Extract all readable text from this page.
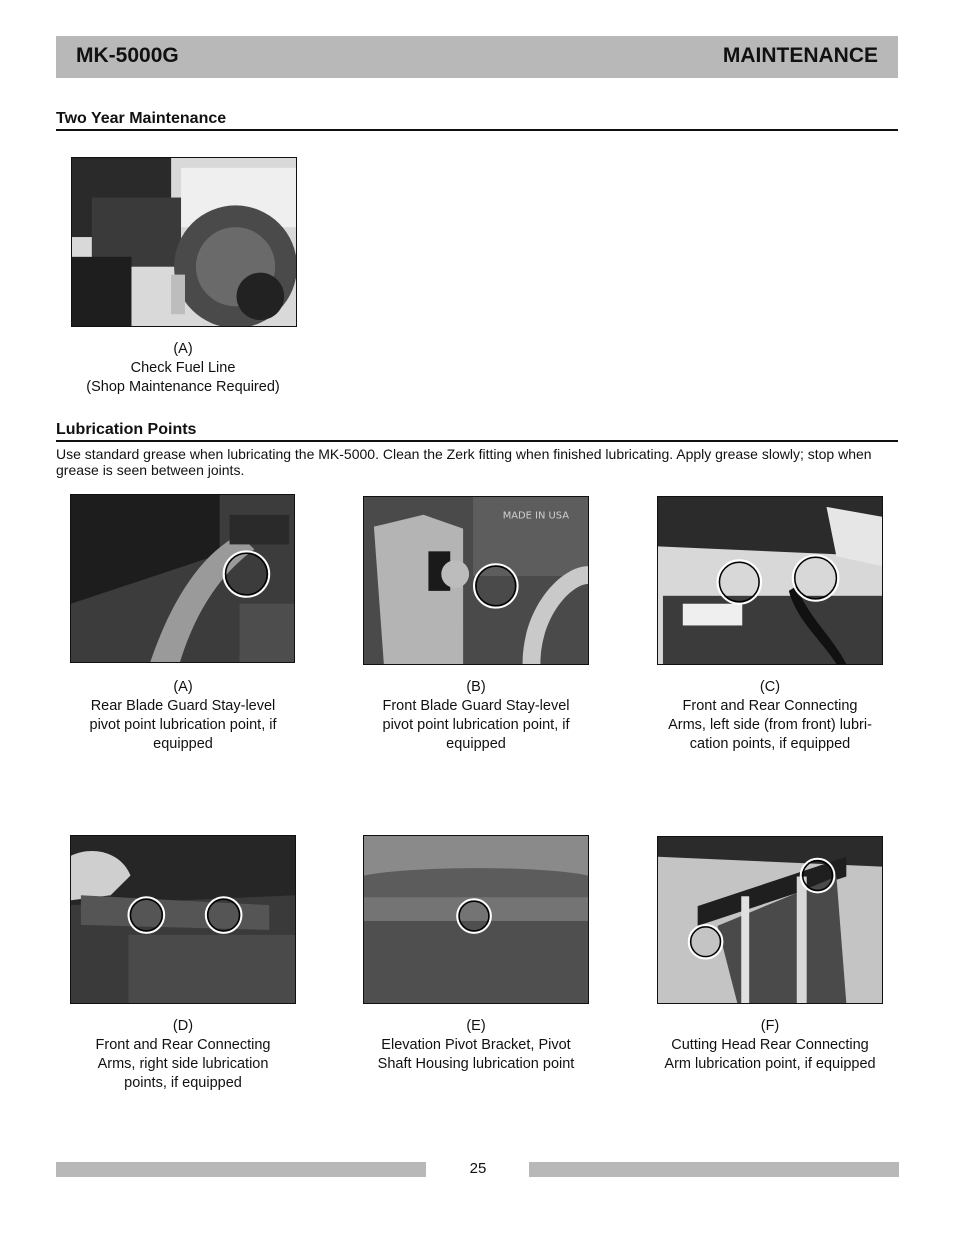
MK-5000G	MAINTENANCE
Two Year Maintenance
(A)
Check Fuel Line
(Shop Maintenance Required)
Lubrication Points
Use standard grease when lubricating the MK-5000. Clean the Zerk fitting when finished lubricating. Apply grease slowly; stop when grease is seen between joints.
MADE IN USA
(A)
Rear Blade Guard Stay-level
pivot point lubrication point, if
equipped
(B)
Front Blade Guard Stay-level
pivot point lubrication point, if
equipped
(C)
Front and Rear Connecting
Arms, left side (from front) lubri-
cation points, if equipped
(D)
Front and Rear Connecting
Arms, right side lubrication
points, if equipped
(E)
Elevation Pivot Bracket, Pivot
Shaft Housing lubrication point
(F)
Cutting Head Rear Connecting
Arm lubrication point, if equipped
25
